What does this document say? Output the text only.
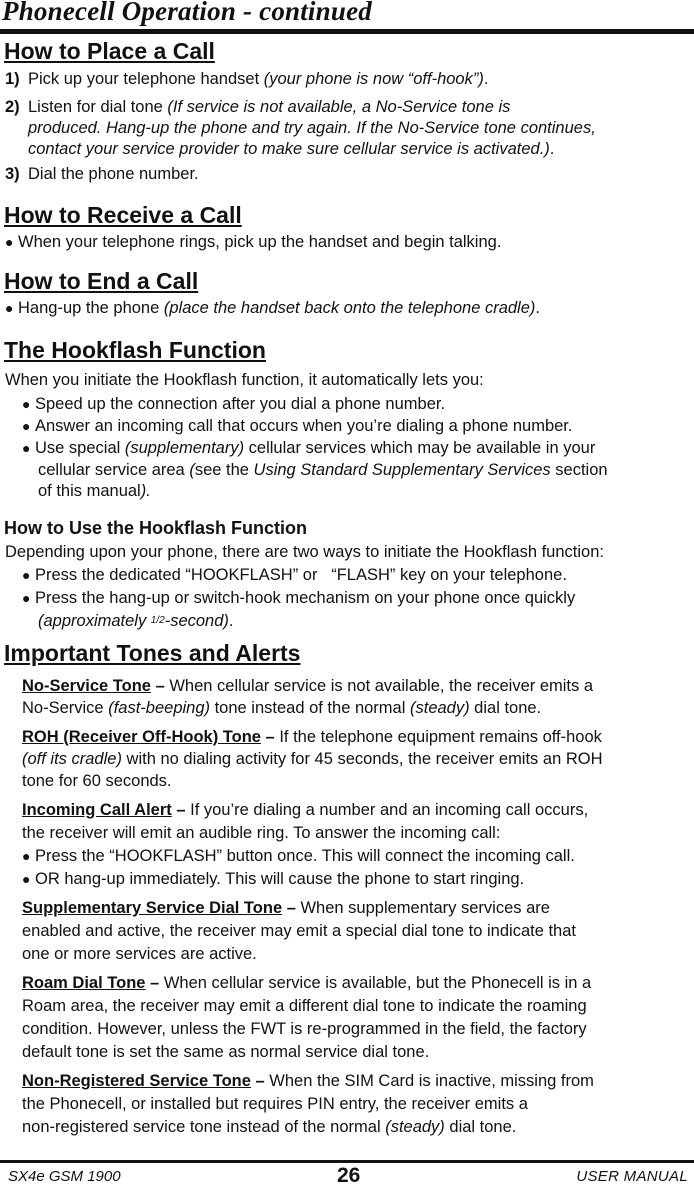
Phonecell Operation - continued
How to Place a Call
1) Pick up your telephone handset (your phone is now “off-hook”).
2) Listen for dial tone (If service is not available, a No-Service tone is
produced. Hang-up the phone and try again. If the No-Service tone continues,
contact your service provider to make sure cellular service is activated.).
3) Dial the phone number.
How to Receive a Call
● When your telephone rings, pick up the handset and begin talking.
How to End a Call
● Hang-up the phone (place the handset back onto the telephone cradle).
The Hookflash Function
When you initiate the Hookflash function, it automatically lets you:
● Speed up the connection after you dial a phone number.
● Answer an incoming call that occurs when you’re dialing a phone number.
● Use special (supplementary) cellular services which may be available in your
cellular service area (see the Using Standard Supplementary Services section
of this manual).
How to Use the Hookflash Function
Depending upon your phone, there are two ways to initiate the Hookflash function:
● Press the dedicated “HOOKFLASH” or   “FLASH” key on your telephone.
● Press the hang-up or switch-hook mechanism on your phone once quickly
(approximately 1/2-second).
Important Tones and Alerts
No-Service Tone – When cellular service is not available, the receiver emits a
No-Service (fast-beeping) tone instead of the normal (steady) dial tone.
ROH (Receiver Off-Hook) Tone – If the telephone equipment remains off-hook
(off its cradle) with no dialing activity for 45 seconds, the receiver emits an ROH
tone for 60 seconds.
Incoming Call Alert – If you’re dialing a number and an incoming call occurs,
the receiver will emit an audible ring. To answer the incoming call:
● Press the “HOOKFLASH” button once. This will connect the incoming call.
● OR hang-up immediately. This will cause the phone to start ringing.
Supplementary Service Dial Tone – When supplementary services are
enabled and active, the receiver may emit a special dial tone to indicate that
one or more services are active.
Roam Dial Tone – When cellular service is available, but the Phonecell is in a
Roam area, the receiver may emit a different dial tone to indicate the roaming
condition. However, unless the FWT is re-programmed in the field, the factory
default tone is set the same as normal service dial tone.
Non-Registered Service Tone – When the SIM Card is inactive, missing from
the Phonecell, or installed but requires PIN entry, the receiver emits a
non-registered service tone instead of the normal (steady) dial tone.
SX4e GSM 1900	26	USER MANUAL
